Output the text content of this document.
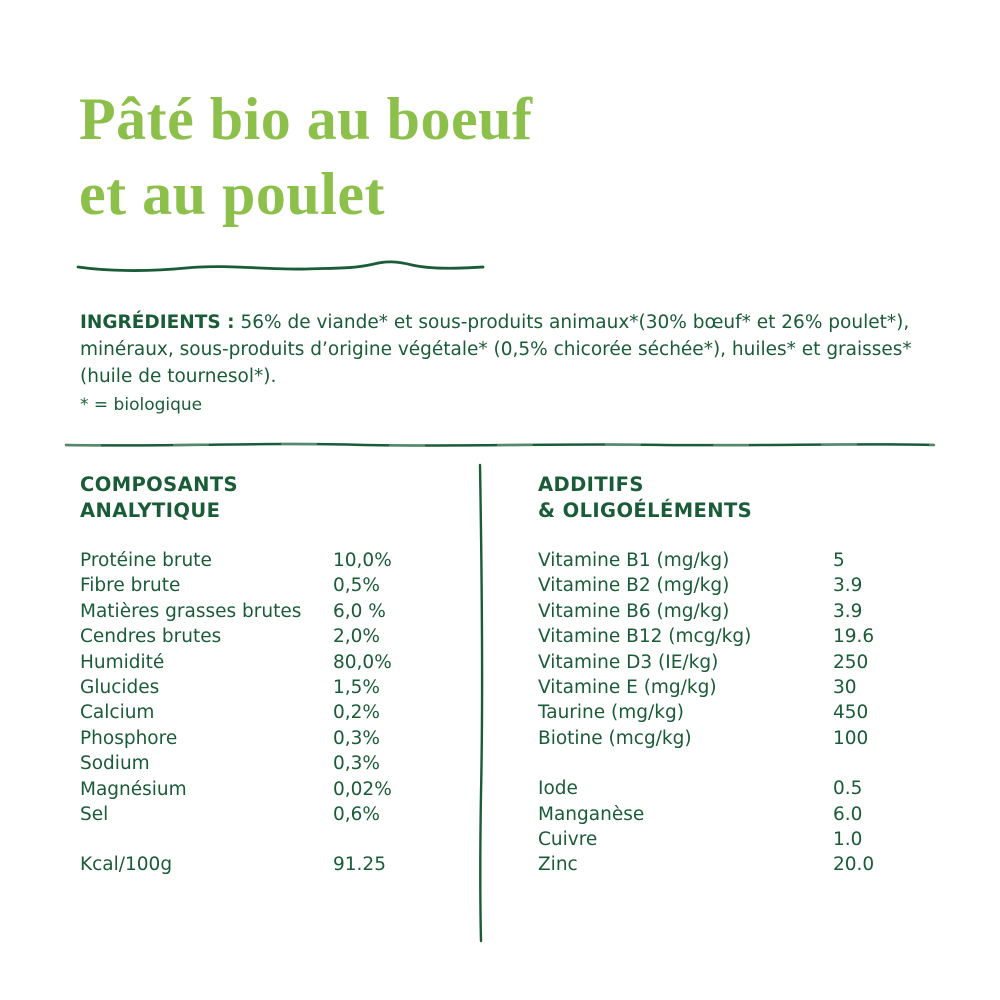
Pâté bio au boeuf
et au poulet
INGRÉDIENTS : 56% de viande* et sous-produits animaux*(30% bœuf* et 26% poulet*),
minéraux, sous-produits d’origine végétale* (0,5% chicorée séchée*), huiles* et graisses*
(huile de tournesol*).
* = biologique
COMPOSANTS
ANALYTIQUE
ADDITIFS
& OLIGOÉLÉMENTS
Protéine brute	10,0%
Fibre brute	0,5%
Matières grasses brutes	6,0 %
Cendres brutes	2,0%
Humidité	80,0%
Glucides	1,5%
Calcium	0,2%
Phosphore	0,3%
Sodium	0,3%
Magnésium	0,02%
Sel	0,6%
Kcal/100g	91.25
Vitamine B1 (mg/kg)	5
Vitamine B2 (mg/kg)	3.9
Vitamine B6 (mg/kg)	3.9
Vitamine B12 (mcg/kg)	19.6
Vitamine D3 (IE/kg)	250
Vitamine E (mg/kg)	30
Taurine (mg/kg)	450
Biotine (mcg/kg)	100
Iode	0.5
Manganèse	6.0
Cuivre	1.0
Zinc	20.0
